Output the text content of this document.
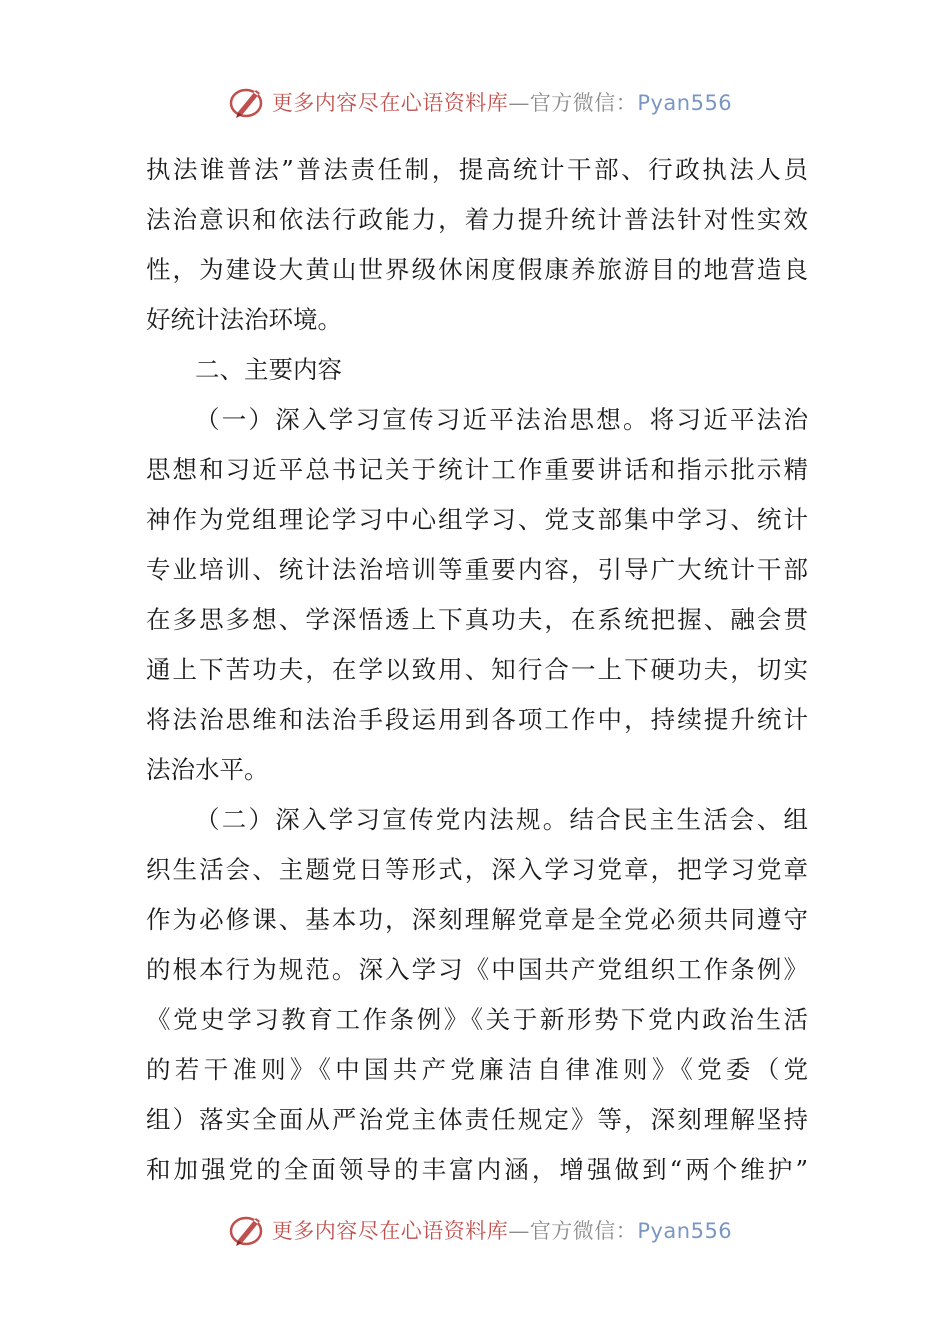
更多内容尽在心语资料库—官方微信：Pyan556
执法谁普法”普法责任制，提高统计干部、行政执法人员
法治意识和依法行政能力，着力提升统计普法针对性实效
性，为建设大黄山世界级休闲度假康养旅游目的地营造良
好统计法治环境。
二、主要内容
（一）深入学习宣传习近平法治思想。将习近平法治
思想和习近平总书记关于统计工作重要讲话和指示批示精
神作为党组理论学习中心组学习、党支部集中学习、统计
专业培训、统计法治培训等重要内容，引导广大统计干部
在多思多想、学深悟透上下真功夫，在系统把握、融会贯
通上下苦功夫，在学以致用、知行合一上下硬功夫，切实
将法治思维和法治手段运用到各项工作中，持续提升统计
法治水平。
（二）深入学习宣传党内法规。结合民主生活会、组
织生活会、主题党日等形式，深入学习党章，把学习党章
作为必修课、基本功，深刻理解党章是全党必须共同遵守
的根本行为规范。深入学习《中国共产党组织工作条例》
《党史学习教育工作条例》《关于新形势下党内政治生活
的若干准则》《中国共产党廉洁自律准则》《党委（党
组）落实全面从严治党主体责任规定》等，深刻理解坚持
和加强党的全面领导的丰富内涵，增强做到“两个维护”
更多内容尽在心语资料库—官方微信：Pyan556
